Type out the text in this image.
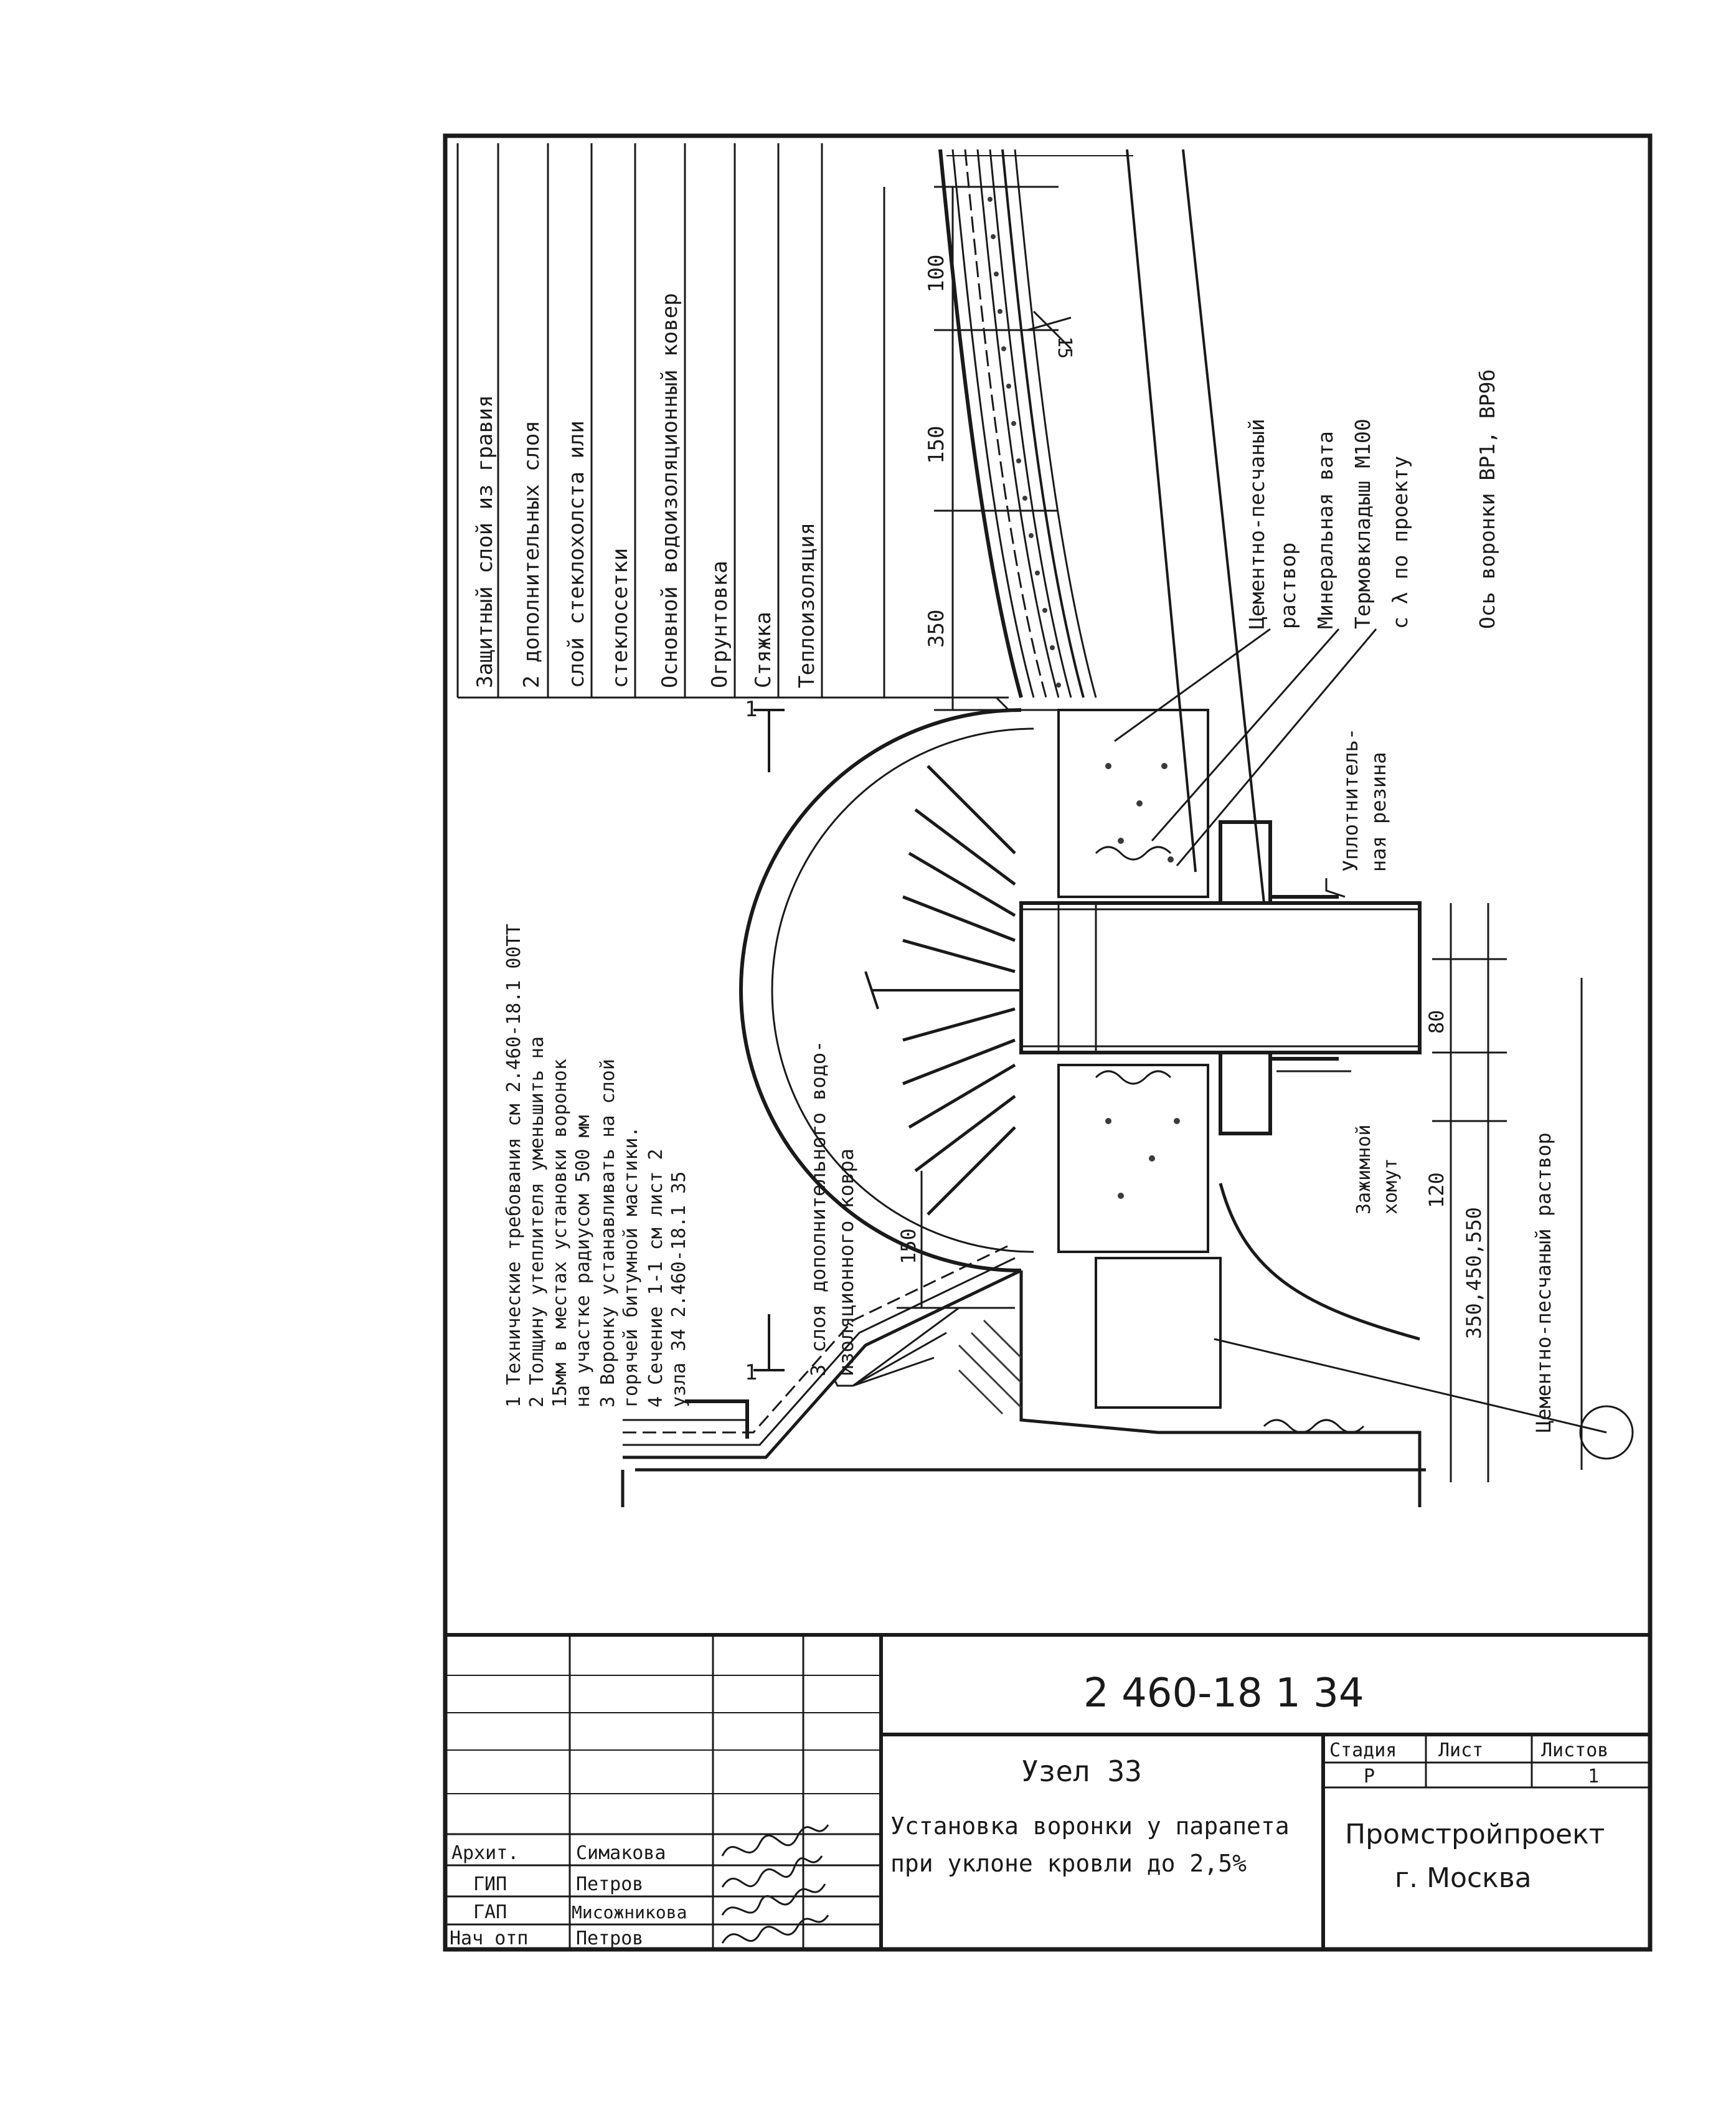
Защитный слой из гравия 2 дополнительных слоя слой стеклохолста или стеклосетки Основной водоизоляционный ковер Огрунтовка Стяжка Теплоизоляция
1 Технические требования см 2.460-18.1 00ТТ 2 Толщину утеплителя уменьшить на 15мм в местах установки воронок на участке радиусом 500 мм 3 Воронку устанавливать на слой горячей битумной мастики. 4 Сечение 1-1 см лист 2 узла 34 2.460-18.1 35
1
1 3 слоя дополнительного водо- изоляционного ковра 150
100
150
350
15
Цементно-песчаный раствор Минеральная вата Термовкладыш М100 с λ по проекту	Ось воронки ВР1, ВР9б
Уплотнитель- ная резина
Зажимной хомут
80
120
350,450,550 Цементно-песчаный раствор
2 460-18 1 34
Узел 33
Установка воронки у парапета
при уклоне кровли до 2,5%
Стадия Лист	Листов
Р	1
Промстройпроект
г. Москва
Архит.	Симакова
ГИП	Петров
ГАП	Мисожникова
Нач отп	Петров
